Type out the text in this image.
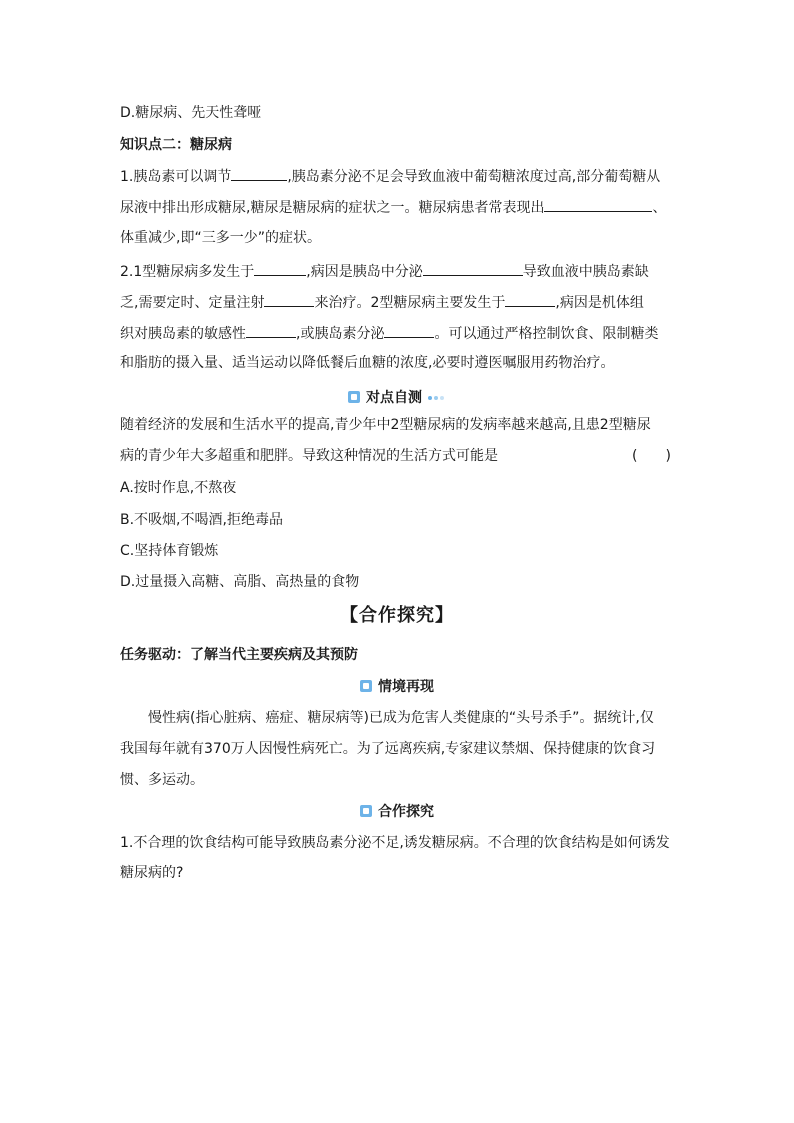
D.糖尿病、先天性聋哑
知识点二：糖尿病
1.胰岛素可以调节	,胰岛素分泌不足会导致血液中葡萄糖浓度过高,部分葡萄糖从
尿液中排出形成糖尿,糖尿是糖尿病的症状之一。糖尿病患者常表现出	、
体重减少,即“三多一少”的症状。
2.1型糖尿病多发生于	,病因是胰岛中分泌	导致血液中胰岛素缺
乏,需要定时、定量注射	来治疗。2型糖尿病主要发生于	,病因是机体组
织对胰岛素的敏感性	,或胰岛素分泌	。可以通过严格控制饮食、限制糖类
和脂肪的摄入量、适当运动以降低餐后血糖的浓度,必要时遵医嘱服用药物治疗。
对点自测
随着经济的发展和生活水平的提高,青少年中2型糖尿病的发病率越来越高,且患2型糖尿
病的青少年大多超重和肥胖。导致这种情况的生活方式可能是	(　　)
A.按时作息,不熬夜
B.不吸烟,不喝酒,拒绝毒品
C.坚持体育锻炼
D.过量摄入高糖、高脂、高热量的食物
【合作探究】
任务驱动：了解当代主要疾病及其预防
情境再现
慢性病(指心脏病、癌症、糖尿病等)已成为危害人类健康的“头号杀手”。据统计,仅
我国每年就有370万人因慢性病死亡。为了远离疾病,专家建议禁烟、保持健康的饮食习
惯、多运动。
合作探究
1.不合理的饮食结构可能导致胰岛素分泌不足,诱发糖尿病。不合理的饮食结构是如何诱发
糖尿病的?
